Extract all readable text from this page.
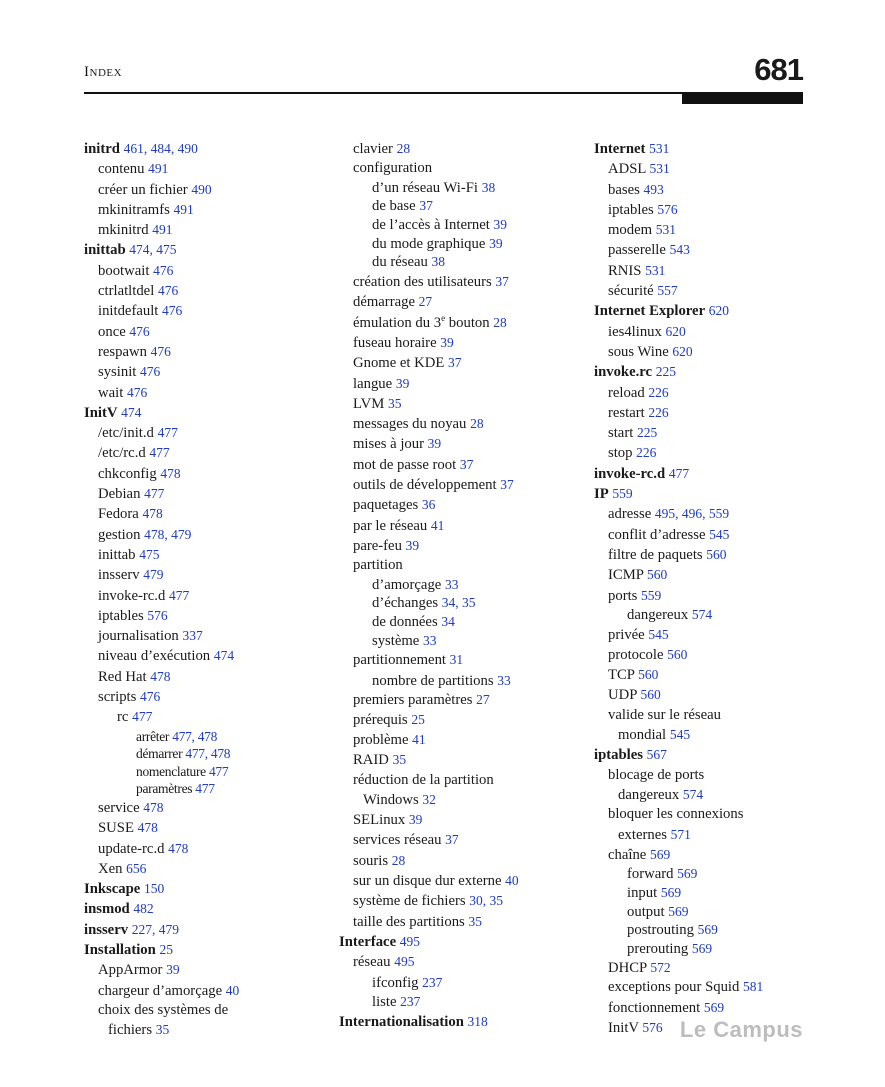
Index	681
initrd 461, 484, 490
contenu 491
créer un fichier 490
mkinitramfs 491
mkinitrd 491
inittab 474, 475
bootwait 476
ctrlatltdel 476
initdefault 476
once 476
respawn 476
sysinit 476
wait 476
InitV 474
/etc/init.d 477
/etc/rc.d 477
chkconfig 478
Debian 477
Fedora 478
gestion 478, 479
inittab 475
insserv 479
invoke-rc.d 477
iptables 576
journalisation 337
niveau d’exécution 474
Red Hat 478
scripts 476
rc 477
arrêter 477, 478
démarrer 477, 478
nomenclature 477
paramètres 477
service 478
SUSE 478
update-rc.d 478
Xen 656
Inkscape 150
insmod 482
insserv 227, 479
Installation 25
AppArmor 39
chargeur d’amorçage 40
choix des systèmes de
fichiers 35
clavier 28
configuration
d’un réseau Wi-Fi 38
de base 37
de l’accès à Internet 39
du mode graphique 39
du réseau 38
création des utilisateurs 37
démarrage 27
émulation du 3e bouton 28
fuseau horaire 39
Gnome et KDE 37
langue 39
LVM 35
messages du noyau 28
mises à jour 39
mot de passe root 37
outils de développement 37
paquetages 36
par le réseau 41
pare-feu 39
partition
d’amorçage 33
d’échanges 34, 35
de données 34
système 33
partitionnement 31
nombre de partitions 33
premiers paramètres 27
prérequis 25
problème 41
RAID 35
réduction de la partition
Windows 32
SELinux 39
services réseau 37
souris 28
sur un disque dur externe 40
système de fichiers 30, 35
taille des partitions 35
Interface 495
réseau 495
ifconfig 237
liste 237
Internationalisation 318
Internet 531
ADSL 531
bases 493
iptables 576
modem 531
passerelle 543
RNIS 531
sécurité 557
Internet Explorer 620
ies4linux 620
sous Wine 620
invoke.rc 225
reload 226
restart 226
start 225
stop 226
invoke-rc.d 477
IP 559
adresse 495, 496, 559
conflit d’adresse 545
filtre de paquets 560
ICMP 560
ports 559
dangereux 574
privée 545
protocole 560
TCP 560
UDP 560
valide sur le réseau
mondial 545
iptables 567
blocage de ports
dangereux 574
bloquer les connexions
externes 571
chaîne 569
forward 569
input 569
output 569
postrouting 569
prerouting 569
DHCP 572
exceptions pour Squid 581
fonctionnement 569
InitV 576 Le Campus
